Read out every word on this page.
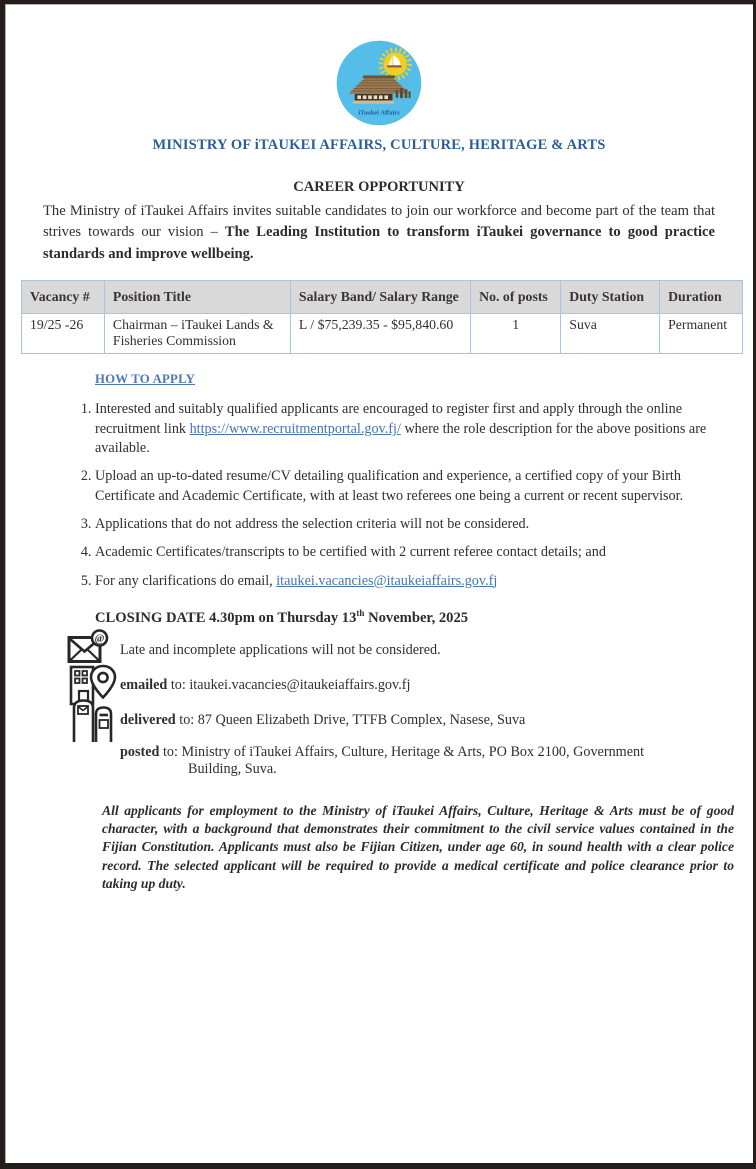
iTaukei Affairs
MINISTRY OF iTAUKEI AFFAIRS, CULTURE, HERITAGE & ARTS
CAREER OPPORTUNITY

The Ministry of iTaukei Affairs invites suitable candidates to join our workforce and become part of the team that strives towards our vision – The Leading Institution to transform iTaukei governance to good practice standards and improve wellbeing.

Vacancy #	Position Title	Salary Band/ Salary Range	No. of posts	Duty Station	Duration
19/25 -26	Chairman – iTaukei Lands & Fisheries Commission	L / $75,239.35 - $95,840.60	1	Suva	Permanent
HOW TO APPLY
1. Interested and suitably qualified applicants are encouraged to register first and apply through the online recruitment link https://www.recruitmentportal.gov.fj/ where the role description for the above positions are available.
2. Upload an up-to-dated resume/CV detailing qualification and experience, a certified copy of your Birth Certificate and Academic Certificate, with at least two referees one being a current or recent supervisor.
3. Applications that do not address the selection criteria will not be considered.
4. Academic Certificates/transcripts to be certified with 2 current referee contact details; and
5. For any clarifications do email, itaukei.vacancies@itaukeiaffairs.gov.fj

CLOSING DATE 4.30pm on Thursday 13th November, 2025

@
Late and incomplete applications will not be considered.
emailed to: itaukei.vacancies@itaukeiaffairs.gov.fj
delivered to: 87 Queen Elizabeth Drive, TTFB Complex, Nasese, Suva
posted to: Ministry of iTaukei Affairs, Culture, Heritage & Arts, PO Box 2100, Government
Building, Suva.

All applicants for employment to the Ministry of iTaukei Affairs, Culture, Heritage & Arts must be of good character, with a background that demonstrates their commitment to the civil service values contained in the Fijian Constitution. Applicants must also be Fijian Citizen, under age 60, in sound health with a clear police record. The selected applicant will be required to provide a medical certificate and police clearance prior to taking up duty.
